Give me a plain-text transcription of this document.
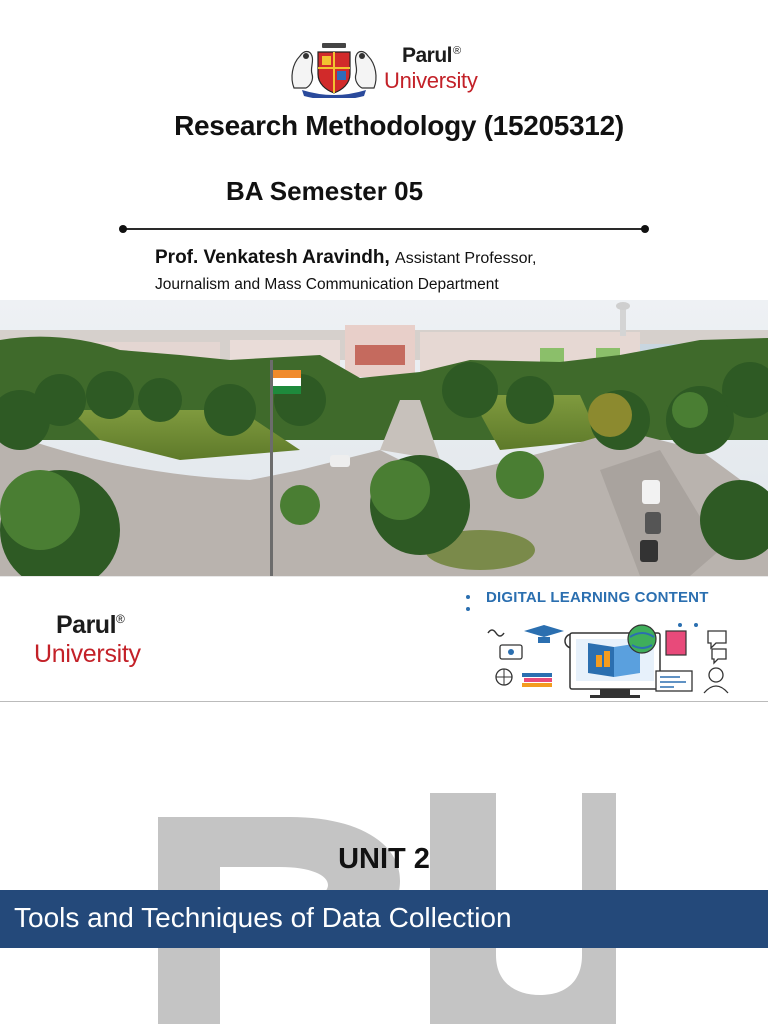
Parul®
University
Research Methodology (15205312)
BA Semester 05
Prof. Venkatesh Aravindh, Assistant Professor,
Journalism and Mass Communication Department
Parul®
University
DIGITAL LEARNING CONTENT
UNIT 2
Tools and Techniques of Data Collection
